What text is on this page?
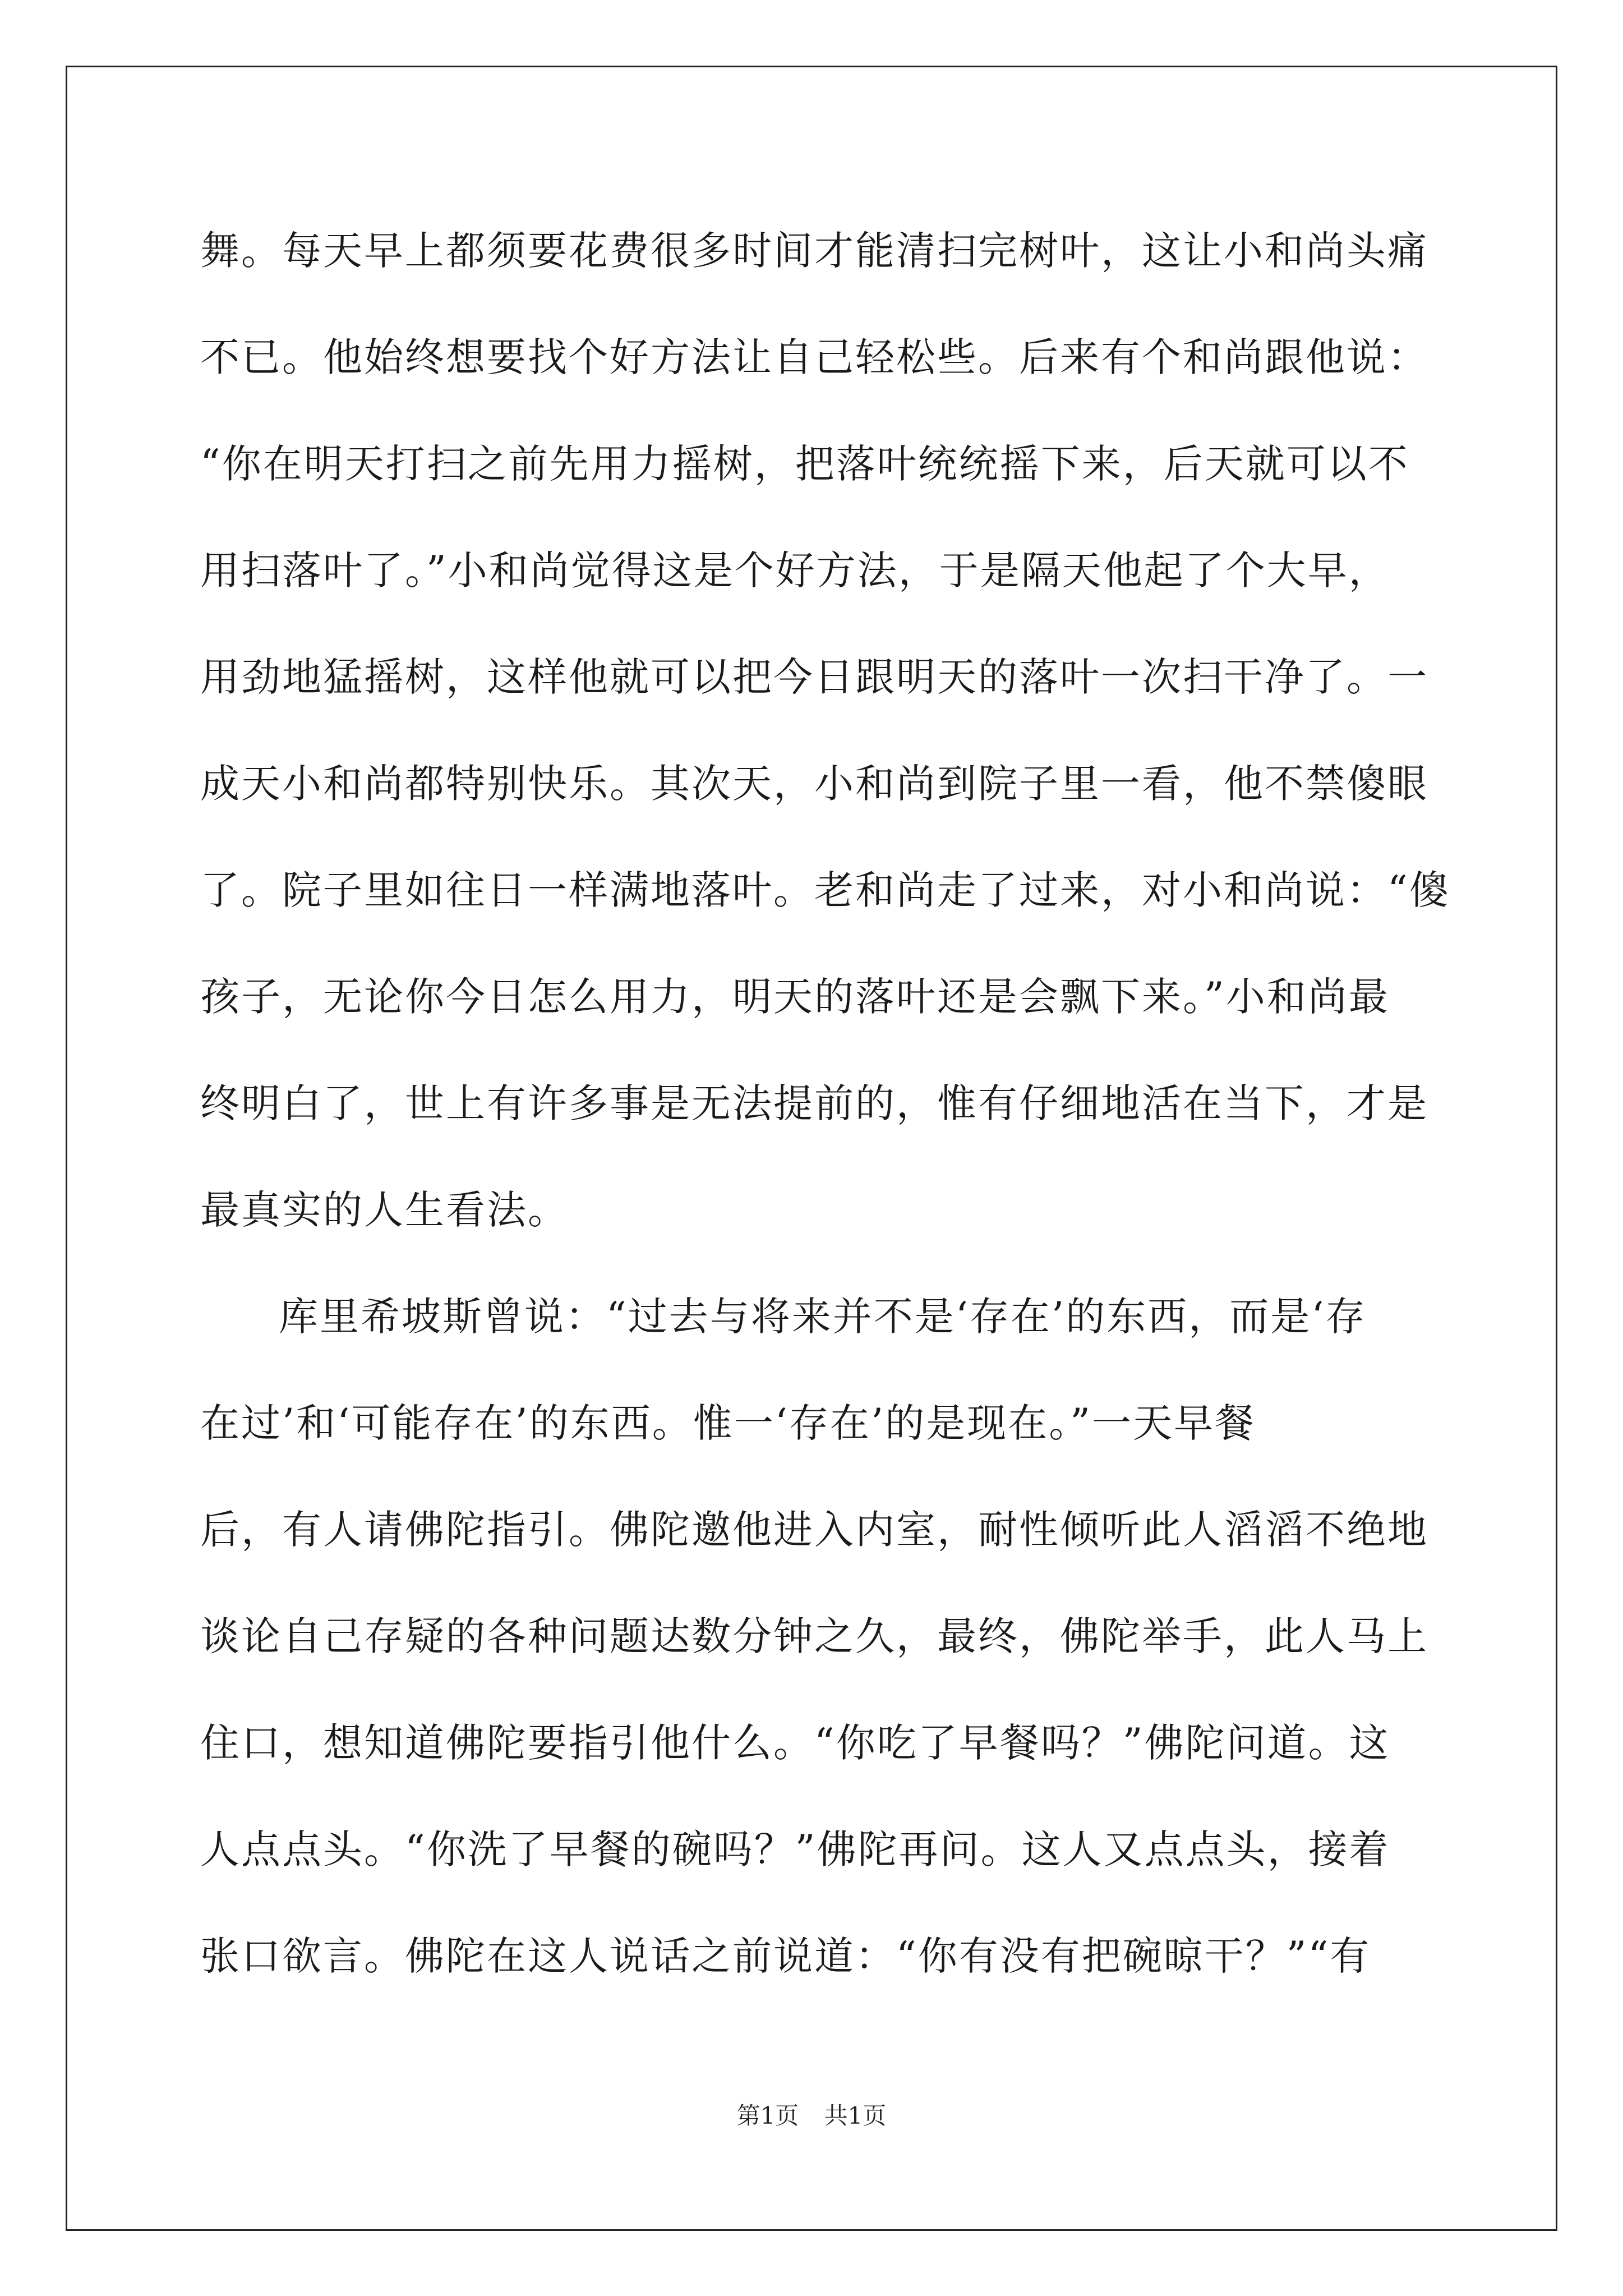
舞。每天早上都须要花费很多时间才能清扫完树叶，这让小和尚头痛
不已。他始终想要找个好方法让自己轻松些。后来有个和尚跟他说：
“你在明天打扫之前先用力摇树，把落叶统统摇下来，后天就可以不
用扫落叶了。”小和尚觉得这是个好方法，于是隔天他起了个大早，
用劲地猛摇树，这样他就可以把今日跟明天的落叶一次扫干净了。一
成天小和尚都特别快乐。其次天，小和尚到院子里一看，他不禁傻眼
了。院子里如往日一样满地落叶。老和尚走了过来，对小和尚说：“傻
孩子，无论你今日怎么用力，明天的落叶还是会飘下来。”小和尚最
终明白了，世上有许多事是无法提前的，惟有仔细地活在当下，才是
最真实的人生看法。
库里希坡斯曾说：“过去与将来并不是‘存在’的东西，而是‘存
在过’和‘可能存在’的东西。惟一‘存在’的是现在。”一天早餐
后，有人请佛陀指引。佛陀邀他进入内室，耐性倾听此人滔滔不绝地
谈论自己存疑的各种问题达数分钟之久，最终，佛陀举手，此人马上
住口，想知道佛陀要指引他什么。“你吃了早餐吗？”佛陀问道。这
人点点头。“你洗了早餐的碗吗？”佛陀再问。这人又点点头，接着
张口欲言。佛陀在这人说话之前说道：“你有没有把碗晾干？”“有
第1页 共1页
